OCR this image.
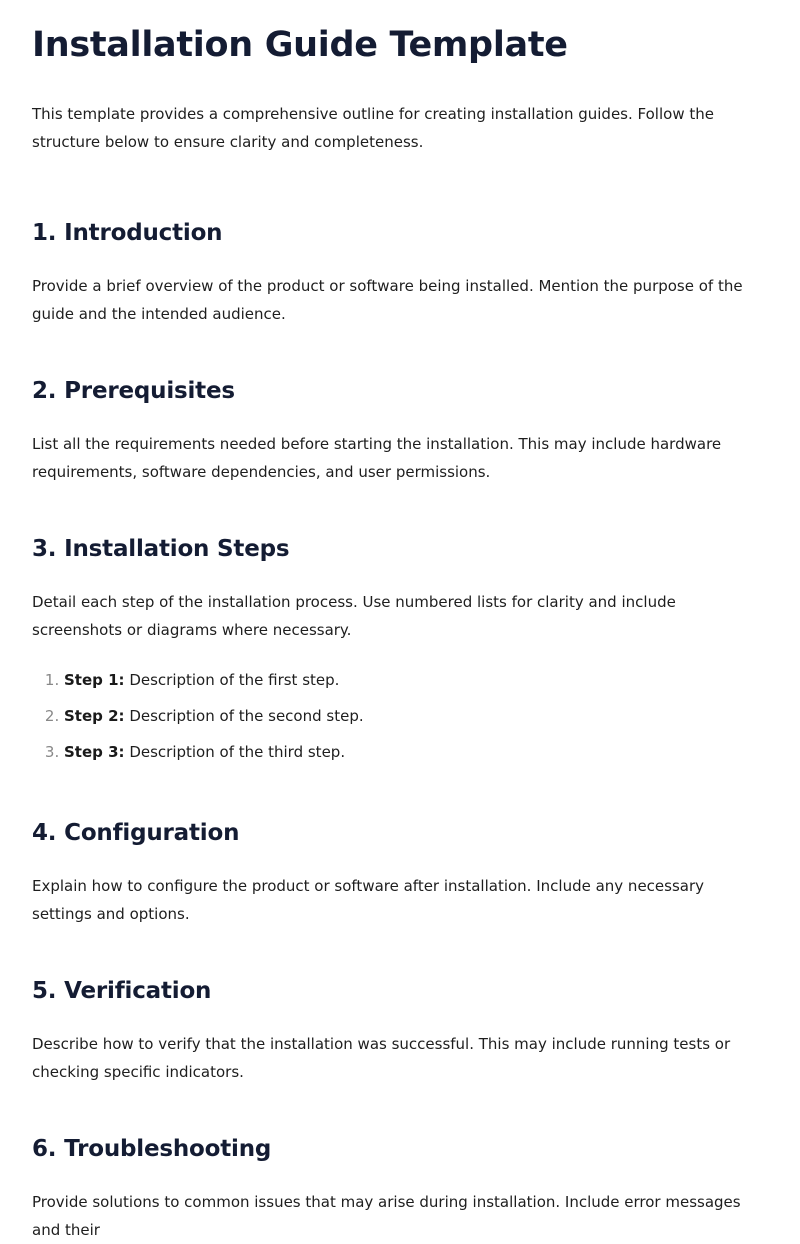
Installation Guide Template

This template provides a comprehensive outline for creating installation guides. Follow the structure below to ensure clarity and completeness.

1. Introduction

Provide a brief overview of the product or software being installed. Mention the purpose of the guide and the intended audience.

2. Prerequisites

List all the requirements needed before starting the installation. This may include hardware requirements, software dependencies, and user permissions.

3. Installation Steps

Detail each step of the installation process. Use numbered lists for clarity and include screenshots or diagrams where necessary.

1. Step 1: Description of the first step.
2. Step 2: Description of the second step.
3. Step 3: Description of the third step.
4. Configuration

Explain how to configure the product or software after installation. Include any necessary settings and options.

5. Verification

Describe how to verify that the installation was successful. This may include running tests or checking specific indicators.

6. Troubleshooting

Provide solutions to common issues that may arise during installation. Include error messages and their
